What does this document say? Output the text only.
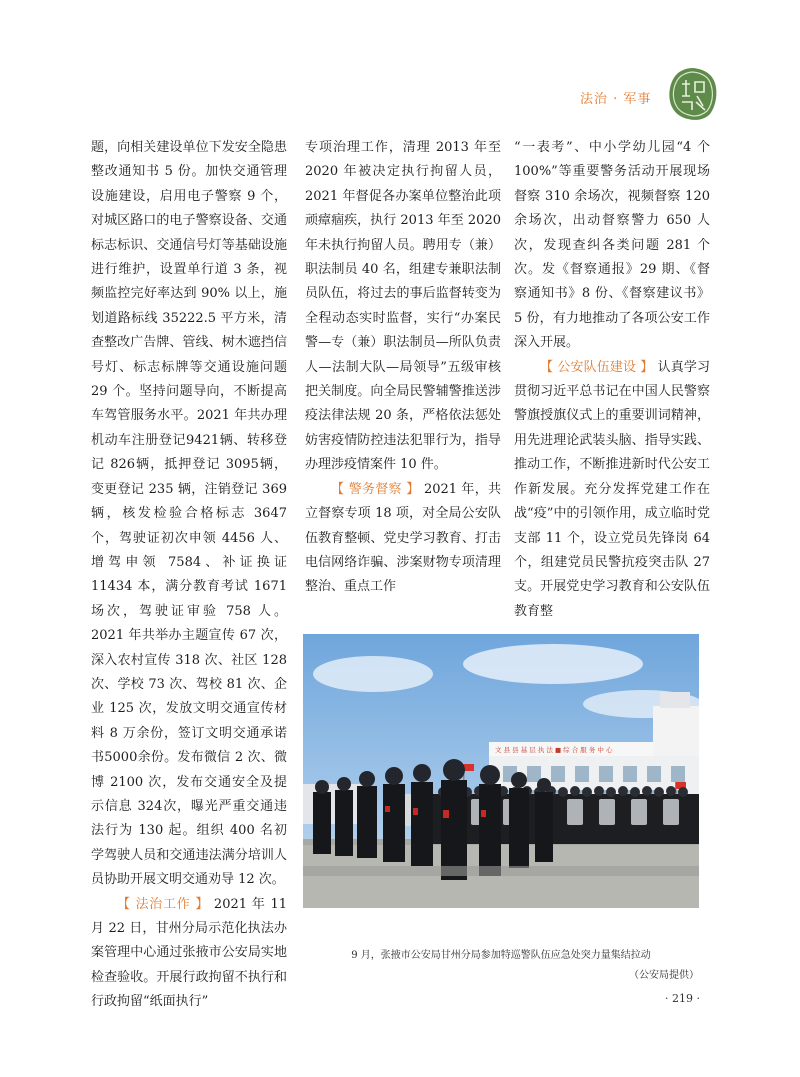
法治 · 军事

题，向相关建设单位下发安全隐患整改通知书 5 份。加快交通管理设施建设，启用电子警察 9 个，对城区路口的电子警察设备、交通标志标识、交通信号灯等基础设施进行维护，设置单行道 3 条，视频监控完好率达到 90% 以上，施划道路标线 35222.5 平方米，清查整改广告牌、管线、树木遮挡信号灯、标志标牌等交通设施问题 29 个。坚持问题导向，不断提高车驾管服务水平。2021 年共办理机动车注册登记9421辆、转移登记 826辆，抵押登记 3095辆，变更登记 235 辆，注销登记 369 辆，核发检验合格标志 3647 个，驾驶证初次申领 4456 人、增驾申领 7584、补证换证 11434 本，满分教育考试 1671 场次，驾驶证审验 758 人。2021 年共举办主题宣传 67 次，深入农村宣传 318 次、社区 128 次、学校 73 次、驾校 81 次、企业 125 次，发放文明交通宣传材料 8 万余份，签订文明交通承诺书5000余份。发布微信 2 次、微博 2100 次，发布交通安全及提示信息 324次，曝光严重交通违法行为 130 起。组织 400 名初学驾驶人员和交通违法满分培训人员协助开展文明交通劝导 12 次。

【 法治工作 】 2021 年 11 月 22 日，甘州分局示范化执法办案管理中心通过张掖市公安局实地检查验收。开展行政拘留不执行和行政拘留“纸面执行”

专项治理工作，清理 2013 年至 2020 年被决定执行拘留人员，2021 年督促各办案单位整治此项顽瘴痼疾，执行 2013 年至 2020 年未执行拘留人员。聘用专（兼）职法制员 40 名，组建专兼职法制员队伍，将过去的事后监督转变为全程动态实时监督，实行“办案民警—专（兼）职法制员—所队负责人—法制大队—局领导”五级审核把关制度。向全局民警辅警推送涉疫法律法规 20 条，严格依法惩处妨害疫情防控违法犯罪行为，指导办理涉疫情案件 10 件。

【 警务督察 】 2021 年，共立督察专项 18 项，对全局公安队伍教育整顿、党史学习教育、打击电信网络诈骗、涉案财物专项清理整治、重点工作

“一表考”、中小学幼儿园“4 个 100%”等重要警务活动开展现场督察 310 余场次，视频督察 120 余场次，出动督察警力 650 人次，发现查纠各类问题 281 个次。发《督察通报》29 期、《督察通知书》8 份、《督察建议书》5 份，有力地推动了各项公安工作深入开展。

【 公安队伍建设 】 认真学习贯彻习近平总书记在中国人民警察警旗授旗仪式上的重要训词精神，用先进理论武装头脑、指导实践、推动工作，不断推进新时代公安工作新发展。充分发挥党建工作在战“疫”中的引领作用，成立临时党支部 11 个，设立党员先锋岗 64 个，组建党员民警抗疫突击队 27 支。开展党史学习教育和公安队伍教育整

文 县 县 基 层 执 法 ■ 综 合 服 务 中 心
9 月，张掖市公安局甘州分局参加特巡警队伍应急处突力量集结拉动
（公安局提供）
· 219 ·
